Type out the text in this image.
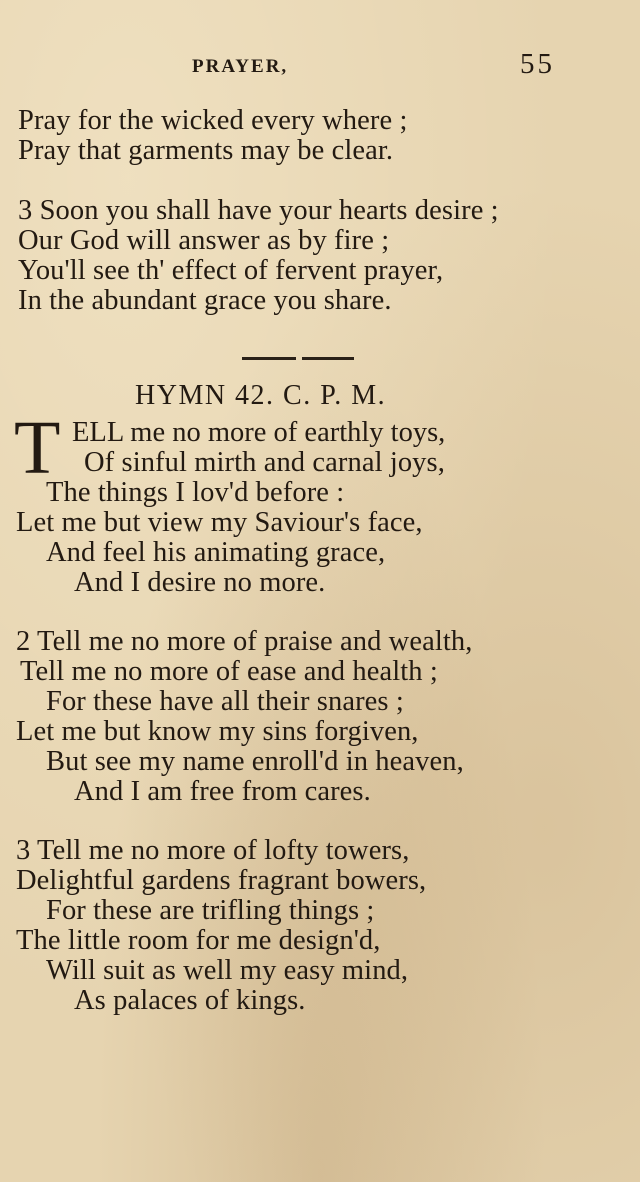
PRAYER,	55
Pray for the wicked every where ;
Pray that garments may be clear.
3 Soon you shall have your hearts desire ;
Our God will answer as by fire ;
You'll see th' effect of fervent prayer,
In the abundant grace you share.
HYMN 42. C. P. M.
T ELL me no more of earthly toys,
Of sinful mirth and carnal joys,
The things I lov'd before :
Let me but view my Saviour's face,
And feel his animating grace,
And I desire no more.
2 Tell me no more of praise and wealth,
Tell me no more of ease and health ;
For these have all their snares ;
Let me but know my sins forgiven,
But see my name enroll'd in heaven,
And I am free from cares.
3 Tell me no more of lofty towers,
Delightful gardens fragrant bowers,
For these are trifling things ;
The little room for me design'd,
Will suit as well my easy mind,
As palaces of kings.
